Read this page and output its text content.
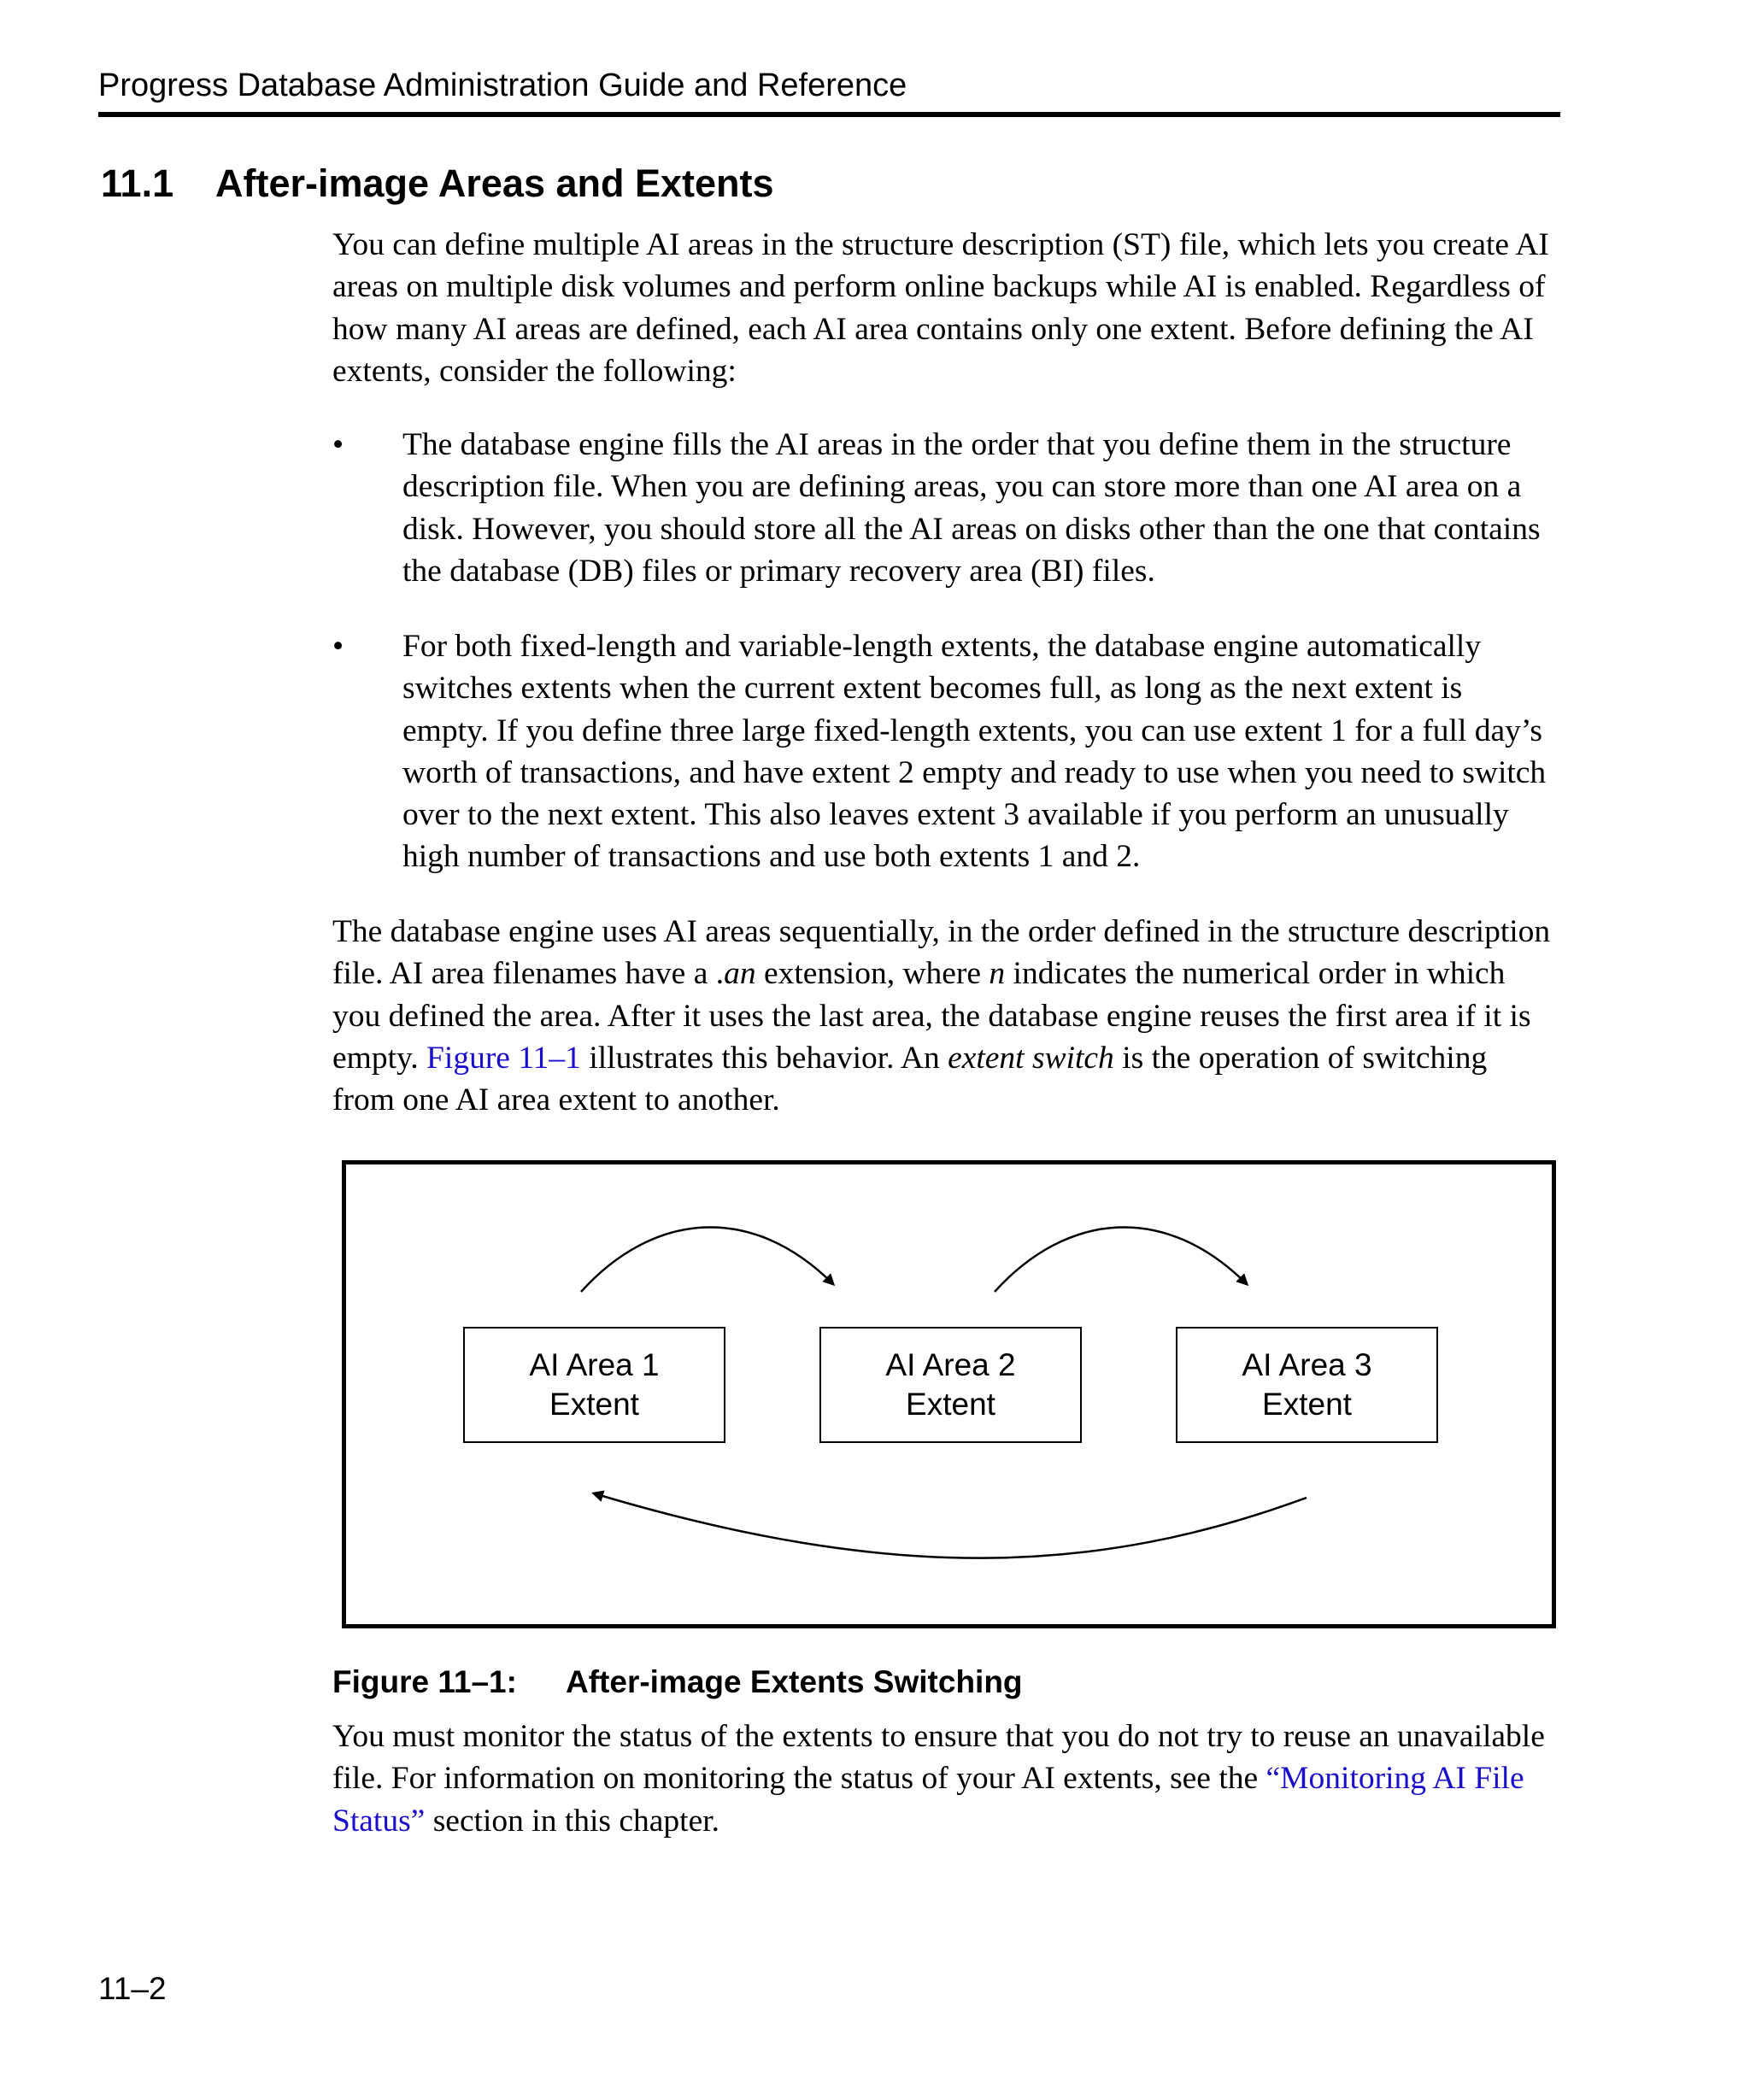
Progress Database Administration Guide and Reference
11.1 After-image Areas and Extents

You can define multiple AI areas in the structure description (ST) file, which lets you create AI areas on multiple disk volumes and perform online backups while AI is enabled. Regardless of how many AI areas are defined, each AI area contains only one extent. Before defining the AI extents, consider the following:

•	The database engine fills the AI areas in the order that you define them in the structure description file. When you are defining areas, you can store more than one AI area on a disk. However, you should store all the AI areas on disks other than the one that contains the database (DB) files or primary recovery area (BI) files.

•	For both fixed-length and variable-length extents, the database engine automatically switches extents when the current extent becomes full, as long as the next extent is empty. If you define three large fixed-length extents, you can use extent 1 for a full day’s worth of transactions, and have extent 2 empty and ready to use when you need to switch over to the next extent. This also leaves extent 3 available if you perform an unusually high number of transactions and use both extents 1 and 2.

The database engine uses AI areas sequentially, in the order defined in the structure description file. AI area filenames have a .an extension, where n indicates the numerical order in which you defined the area. After it uses the last area, the database engine reuses the first area if it is empty. Figure 11–1 illustrates this behavior. An extent switch is the operation of switching from one AI area extent to another.

AI Area 1
Extent
AI Area 2
Extent
AI Area 3
Extent

Figure 11–1: After-image Extents Switching

You must monitor the status of the extents to ensure that you do not try to reuse an unavailable file. For information on monitoring the status of your AI extents, see the “Monitoring AI File Status” section in this chapter.

11–2
